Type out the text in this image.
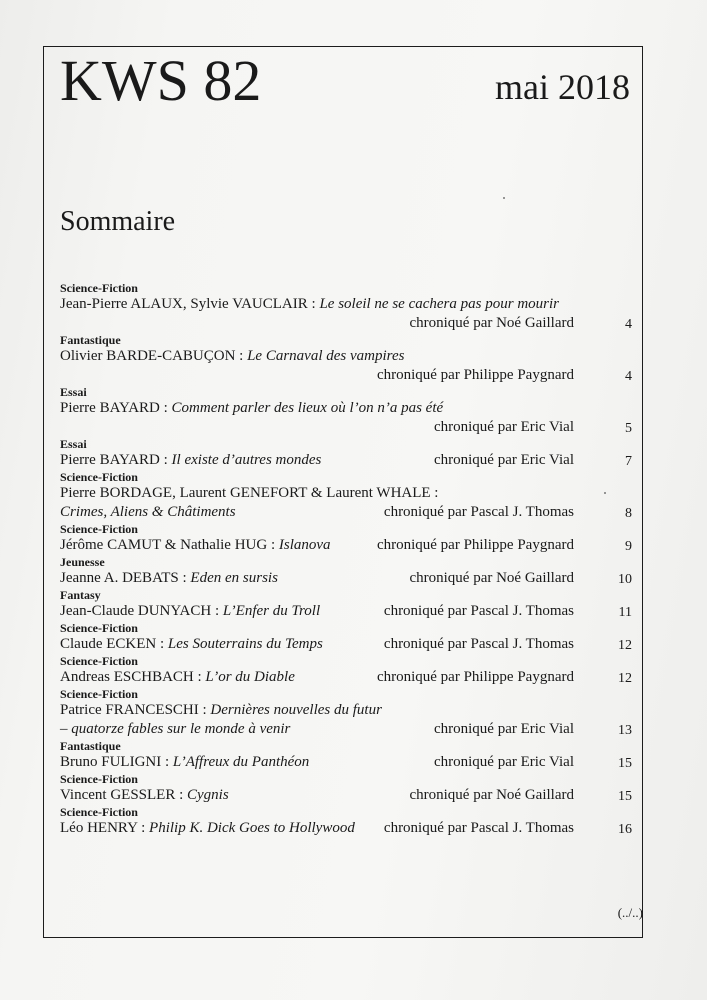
KWS 82	mai 2018
Sommaire
Science-Fiction
Jean-Pierre ALAUX, Sylvie VAUCLAIR : Le soleil ne se cachera pas pour mourir
chroniqué par Noé Gaillard	4
Fantastique
Olivier BARDE-CABUÇON : Le Carnaval des vampires
chroniqué par Philippe Paygnard	4
Essai
Pierre BAYARD : Comment parler des lieux où l’on n’a pas été
chroniqué par Eric Vial	5
Essai
Pierre BAYARD : Il existe d’autres mondes	chroniqué par Eric Vial	7
Science-Fiction
Pierre BORDAGE, Laurent GENEFORT & Laurent WHALE :
Crimes, Aliens & Châtiments	chroniqué par Pascal J. Thomas	8
Science-Fiction
Jérôme CAMUT & Nathalie HUG : Islanova	chroniqué par Philippe Paygnard	9
Jeunesse
Jeanne A. DEBATS : Eden en sursis	chroniqué par Noé Gaillard	10
Fantasy
Jean-Claude DUNYACH : L’Enfer du Troll	chroniqué par Pascal J. Thomas	11
Science-Fiction
Claude ECKEN : Les Souterrains du Temps	chroniqué par Pascal J. Thomas	12
Science-Fiction
Andreas ESCHBACH : L’or du Diable	chroniqué par Philippe Paygnard	12
Science-Fiction
Patrice FRANCESCHI : Dernières nouvelles du futur
– quatorze fables sur le monde à venir	chroniqué par Eric Vial	13
Fantastique
Bruno FULIGNI : L’Affreux du Panthéon	chroniqué par Eric Vial	15
Science-Fiction
Vincent GESSLER : Cygnis	chroniqué par Noé Gaillard	15
Science-Fiction
Léo HENRY : Philip K. Dick Goes to Hollywood chroniqué par Pascal J. Thomas	16
(../..)
